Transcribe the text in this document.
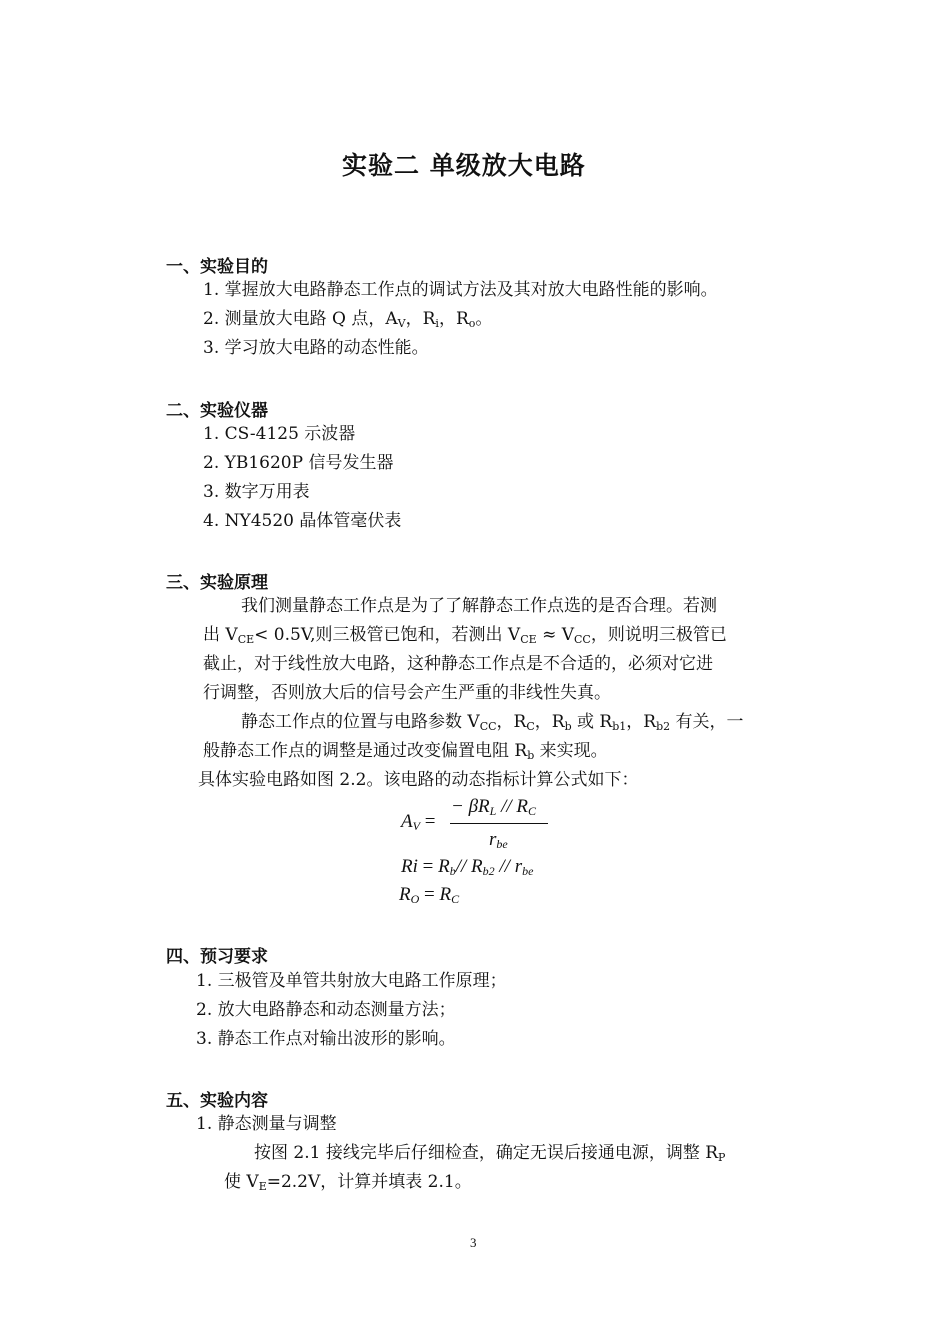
实验二 单级放大电路
一、实验目的
1. 掌握放大电路静态工作点的调试方法及其对放大电路性能的影响。
2. 测量放大电路 Q 点，$A_V$，$R_i$，$R_o$。
3. 学习放大电路的动态性能。
二、实验仪器
1. CS-4125 示波器
2. YB1620P 信号发生器
3. 数字万用表
4. NY4520 晶体管毫伏表
三、实验原理
我们测量静态工作点是为了了解静态工作点选的是否合理。若测
出 $V_{CE}< 0.5V$,则三极管已饱和，若测出 $V_{CE} \approx V_{CC}$，则说明三极管已
截止，对于线性放大电路，这种静态工作点是不合适的，必须对它进
行调整，否则放大后的信号会产生严重的非线性失真。
静态工作点的位置与电路参数 $V_{CC}$，$R_C$，$R_b$ 或 $R_{b1}$，$R_{b2}$ 有关，一
般静态工作点的调整是通过改变偏置电阻 $R_b$ 来实现。
具体实验电路如图 2.2。该电路的动态指标计算公式如下：
AV =
− βRL // RC
rbe
Ri = Rb// Rb2 // rbe
RO = RC
四、预习要求
1. 三极管及单管共射放大电路工作原理；
2. 放大电路静态和动态测量方法；
3. 静态工作点对输出波形的影响。
五、实验内容
1. 静态测量与调整
按图 2.1 接线完毕后仔细检查，确定无误后接通电源，调整 $R_P$
使 $V_E=2.2V$，计算并填表 2.1。
3
